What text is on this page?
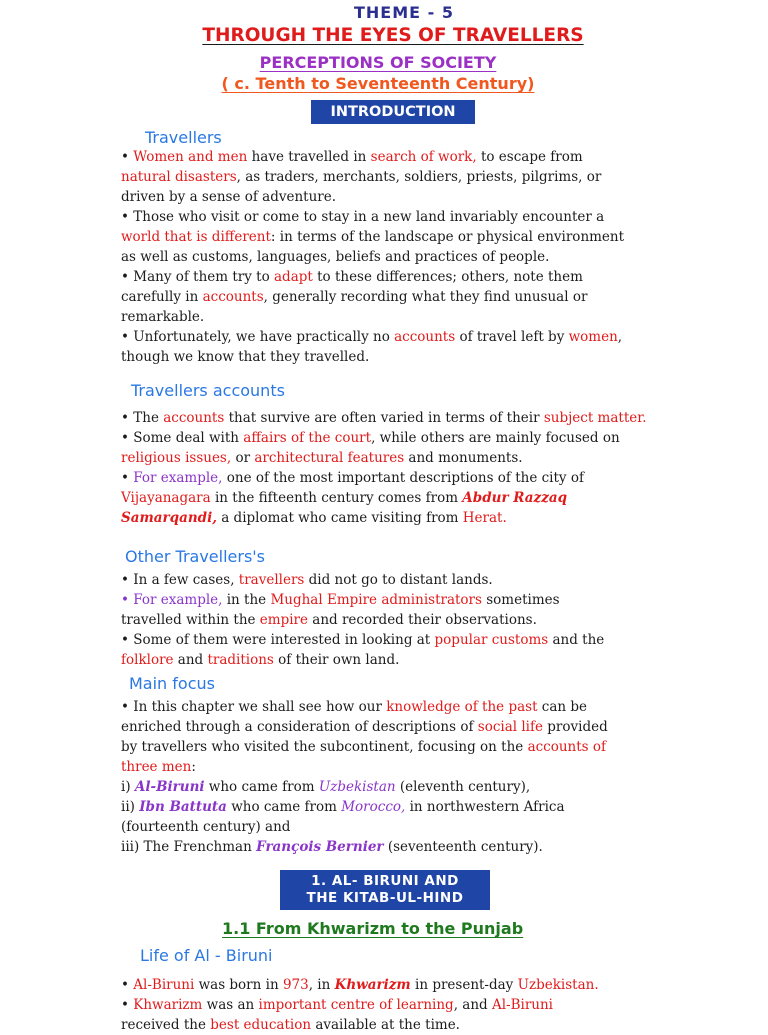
THEME - 5
THROUGH THE EYES OF TRAVELLERS
PERCEPTIONS OF SOCIETY
( c. Tenth to Seventeenth Century)
INTRODUCTION
Travellers
• Women and men have travelled in search of work, to escape from
natural disasters, as traders, merchants, soldiers, priests, pilgrims, or
driven by a sense of adventure.
• Those who visit or come to stay in a new land invariably encounter a
world that is different: in terms of the landscape or physical environment
as well as customs, languages, beliefs and practices of people.
• Many of them try to adapt to these differences; others, note them
carefully in accounts, generally recording what they find unusual or
remarkable.
• Unfortunately, we have practically no accounts of travel left by women,
though we know that they travelled.
Travellers accounts
• The accounts that survive are often varied in terms of their subject matter.
• Some deal with affairs of the court, while others are mainly focused on
religious issues, or architectural features and monuments.
• For example, one of the most important descriptions of the city of
Vijayanagara in the fifteenth century comes from Abdur Razzaq
Samarqandi, a diplomat who came visiting from Herat.
Other Travellers's
• In a few cases, travellers did not go to distant lands.
• For example, in the Mughal Empire administrators sometimes
travelled within the empire and recorded their observations.
• Some of them were interested in looking at popular customs and the
folklore and traditions of their own land.
Main focus
• In this chapter we shall see how our knowledge of the past can be
enriched through a consideration of descriptions of social life provided
by travellers who visited the subcontinent, focusing on the accounts of
three men:
i) Al-Biruni who came from Uzbekistan (eleventh century),
ii) Ibn Battuta who came from Morocco, in northwestern Africa
(fourteenth century) and
iii) The Frenchman François Bernier (seventeenth century).
1. AL- BIRUNI AND
THE KITAB-UL-HIND
1.1 From Khwarizm to the Punjab
Life of Al - Biruni
• Al-Biruni was born in 973, in Khwarizm in present-day Uzbekistan.
• Khwarizm was an important centre of learning, and Al-Biruni
received the best education available at the time.
